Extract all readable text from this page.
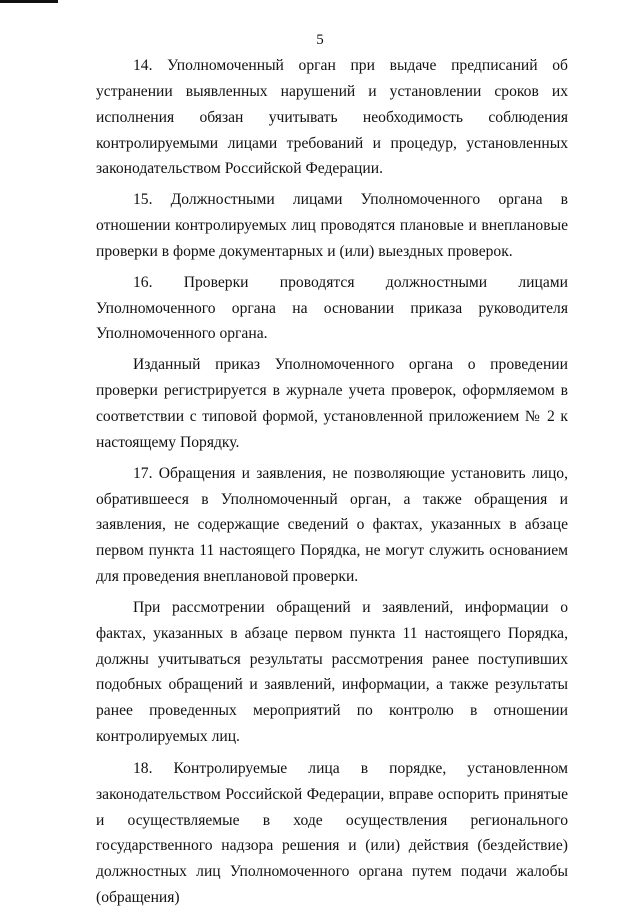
5

14. Уполномоченный орган при выдаче предписаний об устранении выявленных нарушений и установлении сроков их исполнения обязан учитывать необходимость соблюдения контролируемыми лицами требований и процедур, установленных законодательством Российской Федерации.

15. Должностными лицами Уполномоченного органа в отношении контролируемых лиц проводятся плановые и внеплановые проверки в форме документарных и (или) выездных проверок.

16. Проверки проводятся должностными лицами Уполномоченного органа на основании приказа руководителя Уполномоченного органа.

Изданный приказ Уполномоченного органа о проведении проверки регистрируется в журнале учета проверок, оформляемом в соответствии с типовой формой, установленной приложением № 2 к настоящему Порядку.

17. Обращения и заявления, не позволяющие установить лицо, обратившееся в Уполномоченный орган, а также обращения и заявления, не содержащие сведений о фактах, указанных в абзаце первом пункта 11 настоящего Порядка, не могут служить основанием для проведения внеплановой проверки.

При рассмотрении обращений и заявлений, информации о фактах, указанных в абзаце первом пункта 11 настоящего Порядка, должны учитываться результаты рассмотрения ранее поступивших подобных обращений и заявлений, информации, а также результаты ранее проведенных мероприятий по контролю в отношении контролируемых лиц.

18. Контролируемые лица в порядке, установленном законодательством Российской Федерации, вправе оспорить принятые и осуществляемые в ходе осуществления регионального государственного надзора решения и (или) действия (бездействие) должностных лиц Уполномоченного органа путем подачи жалобы (обращения)
